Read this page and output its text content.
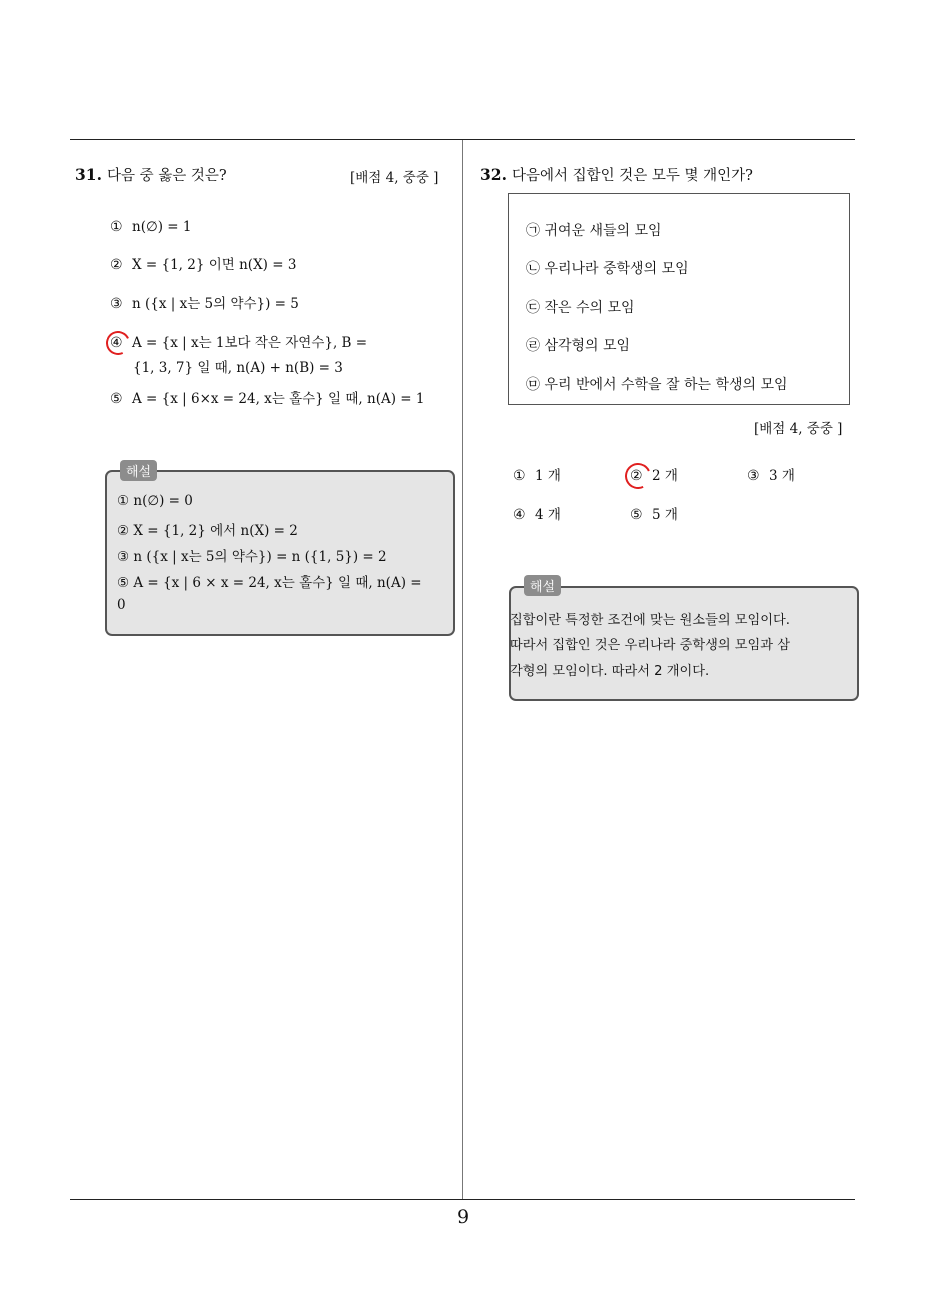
9
31. 다음 중 옳은 것은?	[배점 4, 중중 ]
① n(∅) = 1
② X = {1, 2} 이면 n(X) = 3
③ n ({x | x는 5의 약수}) = 5
④ A = {x | x는 1보다 작은 자연수}, B =
{1, 3, 7} 일 때, n(A) + n(B) = 3
⑤ A = {x | 6×x = 24, x는 홀수} 일 때, n(A) = 1
해설
① n(∅) = 0
② X = {1, 2} 에서 n(X) = 2
③ n ({x | x는 5의 약수}) = n ({1, 5}) = 2
⑤ A = {x | 6 × x = 24, x는 홀수} 일 때, n(A) =
0
32. 다음에서 집합인 것은 모두 몇 개인가?
㉠ 귀여운 새들의 모임
㉡ 우리나라 중학생의 모임
㉢ 작은 수의 모임
㉣ 삼각형의 모임
㉤ 우리 반에서 수학을 잘 하는 학생의 모임
[배점 4, 중중 ]
① 1 개	② 2 개	③ 3 개
④ 4 개	⑤ 5 개
해설
집합이란 특정한 조건에 맞는 원소들의 모임이다.
따라서 집합인 것은 우리나라 중학생의 모임과 삼
각형의 모임이다. 따라서 2 개이다.
